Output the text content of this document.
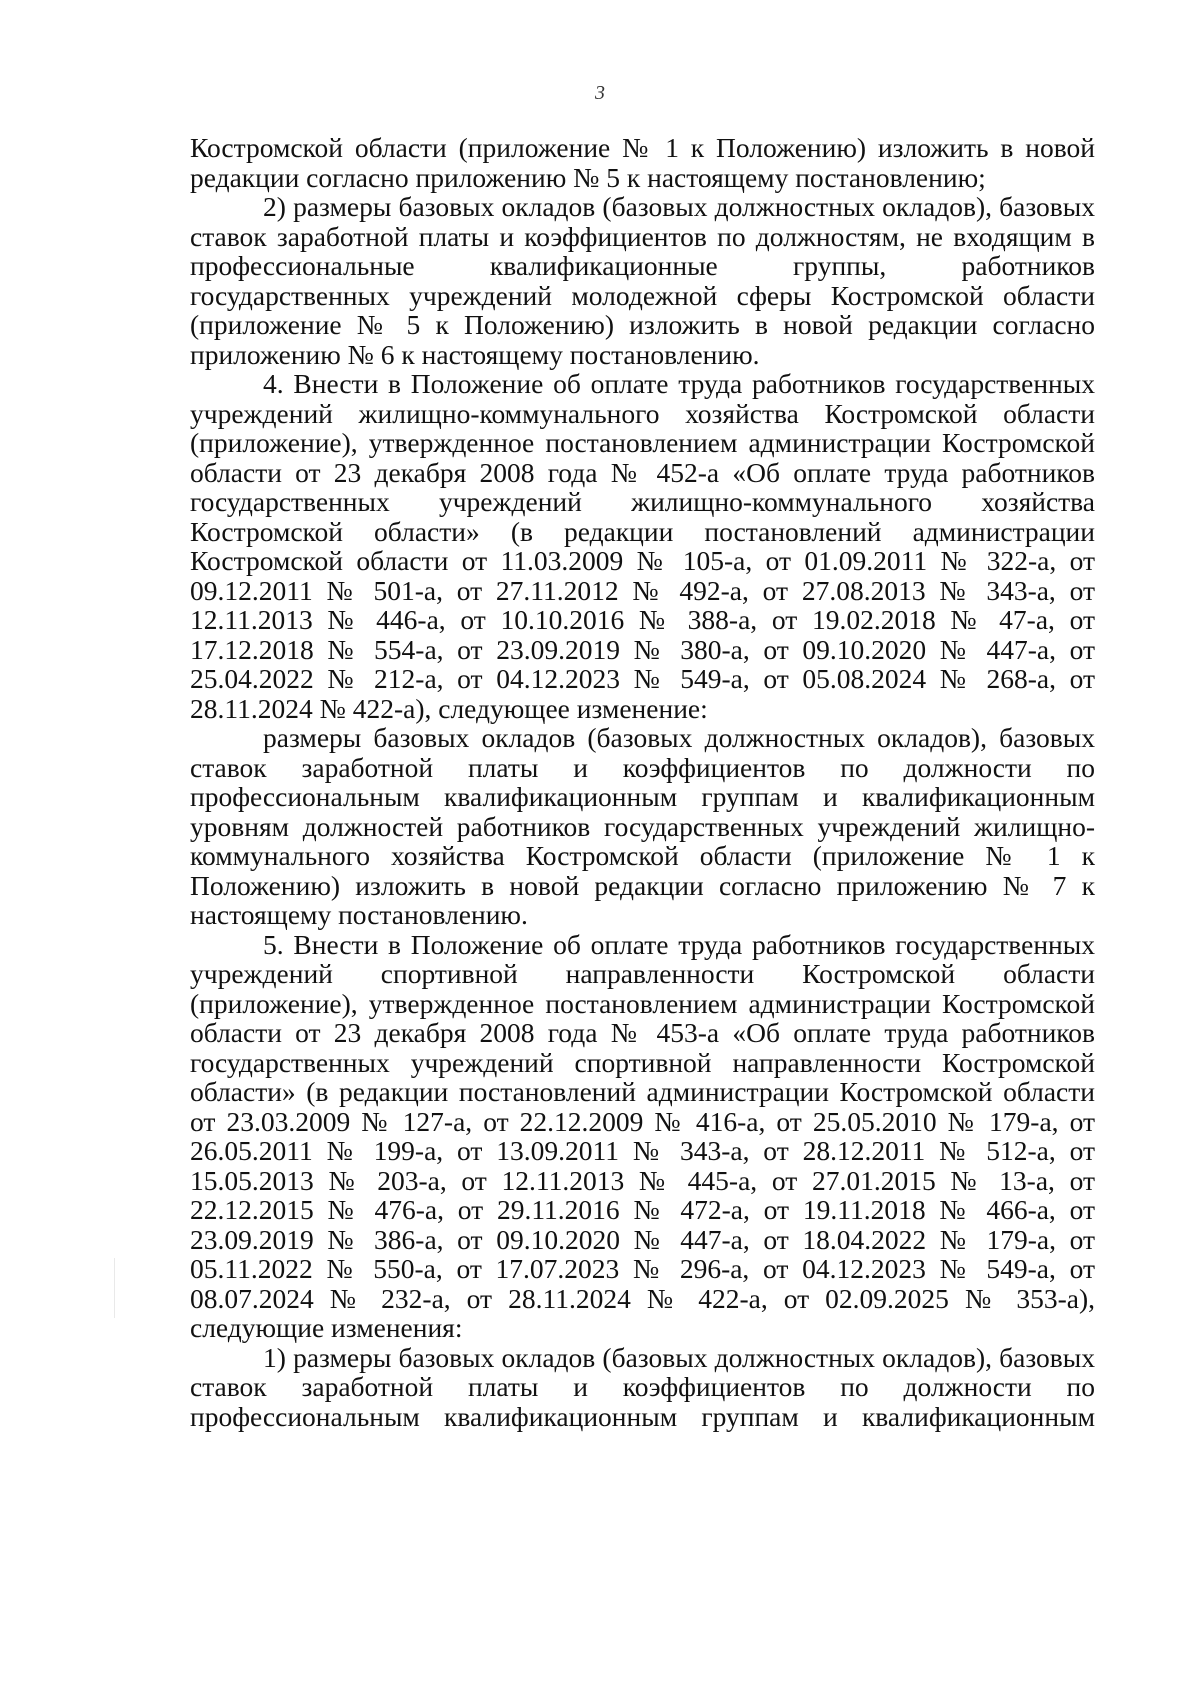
3

Костромской области (приложение № 1 к Положению) изложить в новой редакции согласно приложению № 5 к настоящему постановлению;

2) размеры базовых окладов (базовых должностных окладов), базовых ставок заработной платы и коэффициентов по должностям, не входящим в профессиональные квалификационные группы, работников государственных учреждений молодежной сферы Костромской области (приложение № 5 к Положению) изложить в новой редакции согласно приложению № 6 к настоящему постановлению.

4. Внести в Положение об оплате труда работников государственных учреждений жилищно-коммунального хозяйства Костромской области (приложение), утвержденное постановлением администрации Костромской области от 23 декабря 2008 года № 452-а «Об оплате труда работников государственных учреждений жилищно-коммунального хозяйства Костромской области» (в редакции постановлений администрации Костромской области от 11.03.2009 № 105-а, от 01.09.2011 № 322-а, от 09.12.2011 № 501-а, от 27.11.2012 № 492-а, от 27.08.2013 № 343-а, от 12.11.2013 № 446-а, от 10.10.2016 № 388-а, от 19.02.2018 № 47-а, от 17.12.2018 № 554-а, от 23.09.2019 № 380-а, от 09.10.2020 № 447-а, от 25.04.2022 № 212-а, от 04.12.2023 № 549-а, от 05.08.2024 № 268-а, от 28.11.2024 № 422-а), следующее изменение:

размеры базовых окладов (базовых должностных окладов), базовых ставок заработной платы и коэффициентов по должности по профессиональным квалификационным группам и квалификационным уровням должностей работников государственных учреждений жилищно-коммунального хозяйства Костромской области (приложение № 1 к Положению) изложить в новой редакции согласно приложению № 7 к настоящему постановлению.

5. Внести в Положение об оплате труда работников государственных учреждений спортивной направленности Костромской области (приложение), утвержденное постановлением администрации Костромской области от 23 декабря 2008 года № 453-а «Об оплате труда работников государственных учреждений спортивной направленности Костромской области» (в редакции постановлений администрации Костромской области от 23.03.2009 № 127-а, от 22.12.2009 № 416-а, от 25.05.2010 № 179-а, от 26.05.2011 № 199-а, от 13.09.2011 № 343-а, от 28.12.2011 № 512-а, от 15.05.2013 № 203-а, от 12.11.2013 № 445-а, от 27.01.2015 № 13-а, от 22.12.2015 № 476-а, от 29.11.2016 № 472-а, от 19.11.2018 № 466-а, от 23.09.2019 № 386-а, от 09.10.2020 № 447-а, от 18.04.2022 № 179-а, от 05.11.2022 № 550-а, от 17.07.2023 № 296-а, от 04.12.2023 № 549-а, от 08.07.2024 № 232-а, от 28.11.2024 № 422-а, от 02.09.2025 № 353-а), следующие изменения:

1) размеры базовых окладов (базовых должностных окладов), базовых ставок заработной платы и коэффициентов по должности по профессиональным квалификационным группам и квалификационным
